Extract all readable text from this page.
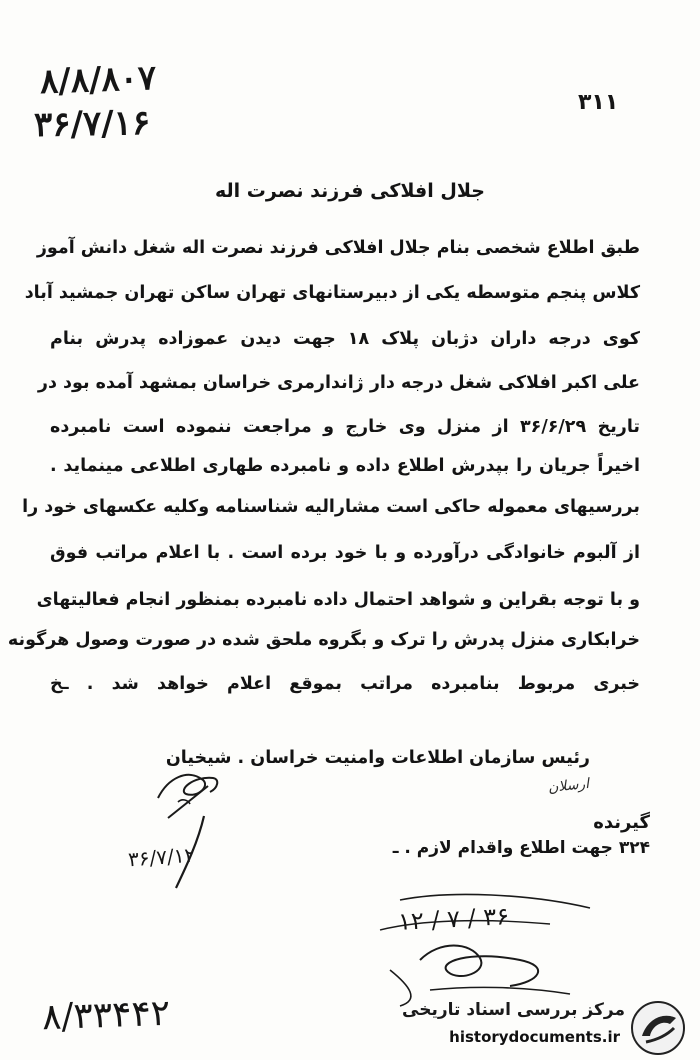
۸/۸/۸۰۷
۳۶/۷/۱۶
۳۱۱
جلال افلاکی فرزند نصرت اله
طبق اطلاع شخصی بنام جلال افلاکی فرزند نصرت اله شغل دانش آموز
کلاس پنجم متوسطه یکی از دبیرستانهای تهران ساکن تهران جمشید آباد
کوی درجه داران دژبان پلاک ۱۸ جهت دیدن عموزاده پدرش بنام
علی اکبر افلاکی شغل درجه دار ژاندارمری خراسان بمشهد آمده بود در
تاریخ ۳۶/۶/۲۹ از منزل وی خارج و مراجعت ننموده است نامبرده
اخیراً جریان را بپدرش اطلاع داده و نامبرده طهاری اطلاعی مینماید .
بررسیهای معموله حاکی است مشارالیه شناسنامه وکلیه عکسهای خود را
از آلبوم خانوادگی درآورده و با خود برده است . با اعلام مراتب فوق
و با توجه بقراین و شواهد احتمال داده نامبرده بمنظور انجام فعالیتهای
خرابکاری منزل پدرش را ترک و بگروه ملحق شده در صورت وصول هرگونه
خبری مربوط بنامبرده مراتب بموقع اعلام خواهد شد . ـخ
رئیس سازمان اطلاعات وامنیت خراسان . شیخیان
ارسلان
گیرنده
۳۲۴ جهت اطلاع واقدام لازم . ـ
۳۶/۷/۱۲
۱۲ / ۷ / ۳۶
۸/۳۳۴۴۲	مرکز بررسی اسناد تاریخی
historydocuments.ir
